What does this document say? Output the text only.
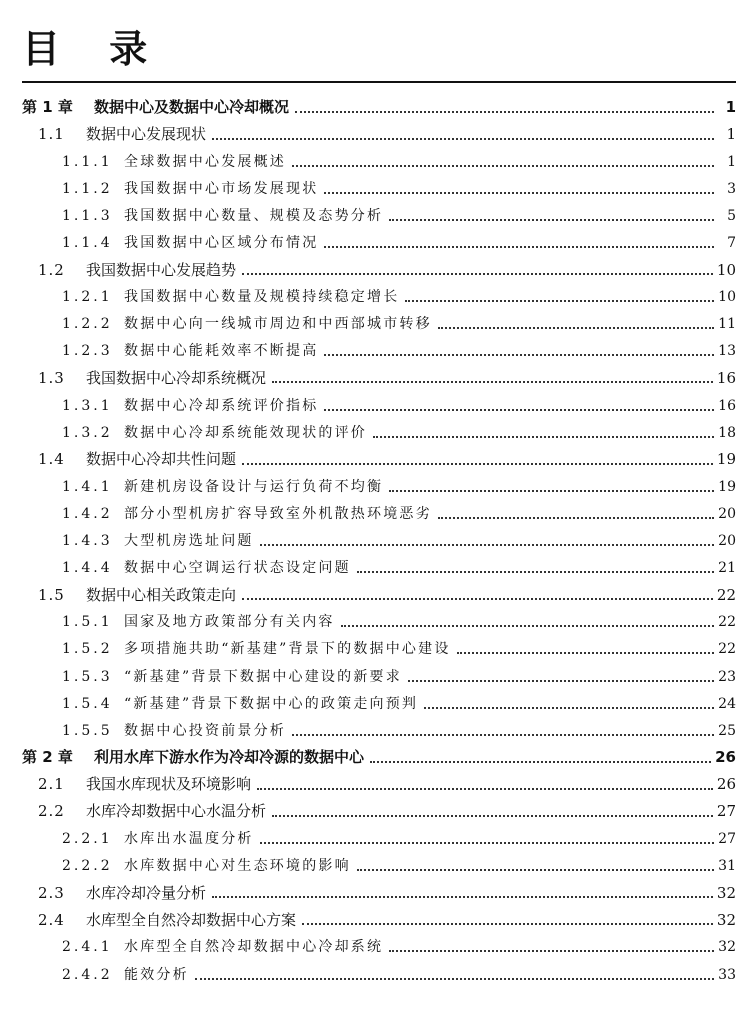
目 录
第 1 章	数据中心及数据中心冷却概况	1
1.1	数据中心发展现状	1
1.1.1 全球数据中心发展概述	1
1.1.2 我国数据中心市场发展现状	3
1.1.3 我国数据中心数量、规模及态势分析	5
1.1.4 我国数据中心区域分布情况	7
1.2	我国数据中心发展趋势	10
1.2.1 我国数据中心数量及规模持续稳定增长	10
1.2.2 数据中心向一线城市周边和中西部城市转移	11
1.2.3 数据中心能耗效率不断提高	13
1.3	我国数据中心冷却系统概况	16
1.3.1 数据中心冷却系统评价指标	16
1.3.2 数据中心冷却系统能效现状的评价	18
1.4	数据中心冷却共性问题	19
1.4.1 新建机房设备设计与运行负荷不均衡	19
1.4.2 部分小型机房扩容导致室外机散热环境恶劣	20
1.4.3 大型机房选址问题	20
1.4.4 数据中心空调运行状态设定问题	21
1.5	数据中心相关政策走向	22
1.5.1 国家及地方政策部分有关内容	22
1.5.2 多项措施共助“新基建”背景下的数据中心建设	22
1.5.3 “新基建”背景下数据中心建设的新要求	23
1.5.4 “新基建”背景下数据中心的政策走向预判	24
1.5.5 数据中心投资前景分析	25
第 2 章	利用水库下游水作为冷却冷源的数据中心	26
2.1	我国水库现状及环境影响	26
2.2	水库冷却数据中心水温分析	27
2.2.1 水库出水温度分析	27
2.2.2 水库数据中心对生态环境的影响	31
2.3	水库冷却冷量分析	32
2.4	水库型全自然冷却数据中心方案	32
2.4.1 水库型全自然冷却数据中心冷却系统	32
2.4.2 能效分析	33
